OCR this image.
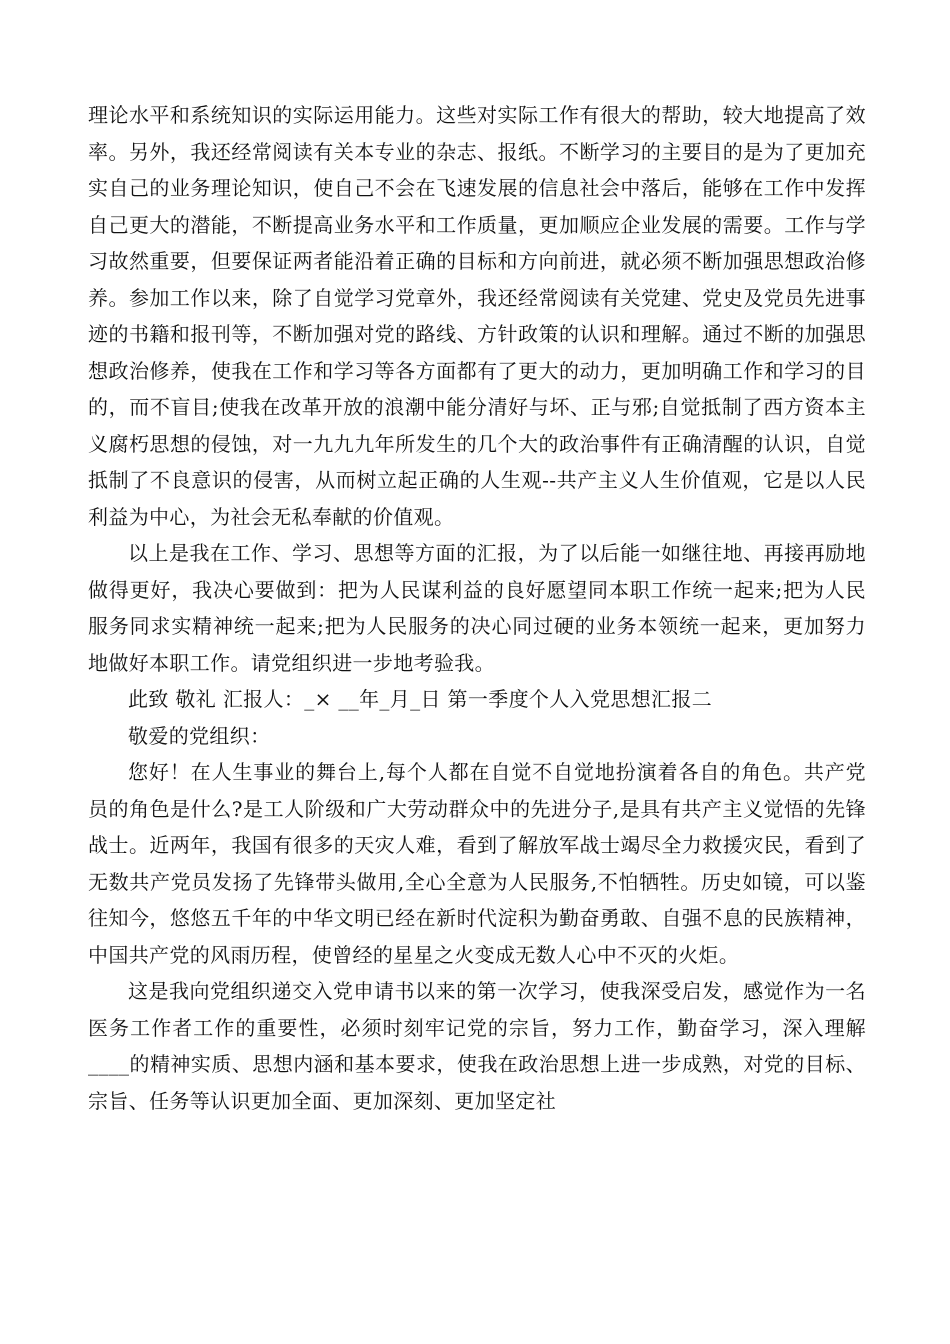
理论水平和系统知识的实际运用能力。这些对实际工作有很大的帮助，较大地提高了效率。另外，我还经常阅读有关本专业的杂志、报纸。不断学习的主要目的是为了更加充实自己的业务理论知识，使自己不会在飞速发展的信息社会中落后，能够在工作中发挥自己更大的潜能，不断提高业务水平和工作质量，更加顺应企业发展的需要。工作与学习故然重要，但要保证两者能沿着正确的目标和方向前进，就必须不断加强思想政治修养。参加工作以来，除了自觉学习党章外，我还经常阅读有关党建、党史及党员先进事迹的书籍和报刊等，不断加强对党的路线、方针政策的认识和理解。通过不断的加强思想政治修养，使我在工作和学习等各方面都有了更大的动力，更加明确工作和学习的目的，而不盲目;使我在改革开放的浪潮中能分清好与坏、正与邪;自觉抵制了西方资本主义腐朽思想的侵蚀，对一九九九年所发生的几个大的政治事件有正确清醒的认识，自觉抵制了不良意识的侵害，从而树立起正确的人生观--共产主义人生价值观，它是以人民利益为中心，为社会无私奉献的价值观。

以上是我在工作、学习、思想等方面的汇报，为了以后能一如继往地、再接再励地做得更好，我决心要做到：把为人民谋利益的良好愿望同本职工作统一起来;把为人民服务同求实精神统一起来;把为人民服务的决心同过硬的业务本领统一起来，更加努力地做好本职工作。请党组织进一步地考验我。

此致 敬礼 汇报人：_× __年_月_日 第一季度个人入党思想汇报二

敬爱的党组织：

您好！在人生事业的舞台上,每个人都在自觉不自觉地扮演着各自的角色。共产党员的角色是什么?是工人阶级和广大劳动群众中的先进分子,是具有共产主义觉悟的先锋战士。近两年，我国有很多的天灾人难，看到了解放军战士竭尽全力救援灾民，看到了无数共产党员发扬了先锋带头做用,全心全意为人民服务,不怕牺牲。历史如镜，可以鉴往知今，悠悠五千年的中华文明已经在新时代淀积为勤奋勇敢、自强不息的民族精神，中国共产党的风雨历程，使曾经的星星之火变成无数人心中不灭的火炬。

这是我向党组织递交入党申请书以来的第一次学习，使我深受启发，感觉作为一名医务工作者工作的重要性，必须时刻牢记党的宗旨，努力工作，勤奋学习，深入理解____的精神实质、思想内涵和基本要求，使我在政治思想上进一步成熟，对党的目标、宗旨、任务等认识更加全面、更加深刻、更加坚定社
